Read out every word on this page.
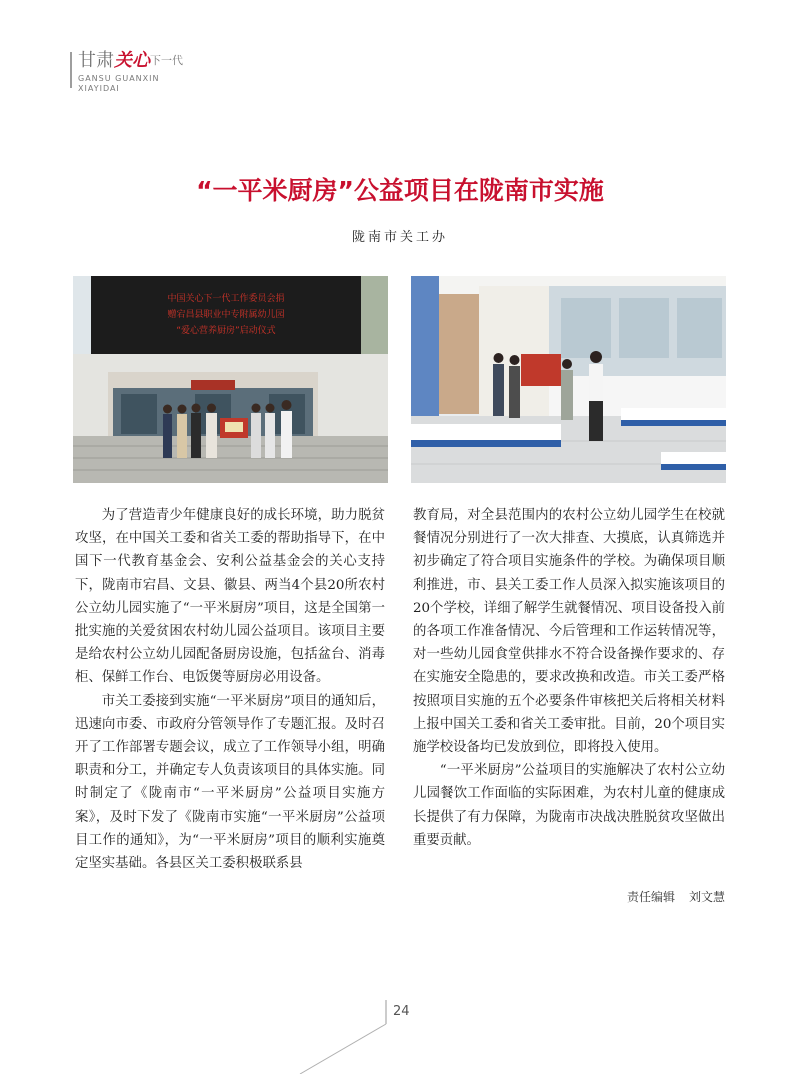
甘肃关心$^{下一代}$
GANSU GUANXIN
XIAYIDAI
“一平米厨房”公益项目在陇南市实施
陇南市关工办
中国关心下一代工作委员会捐
赠宕昌县职业中专附属幼儿园
“爱心营养厨房”启动仪式

为了营造青少年健康良好的成长环境，助力脱贫攻坚，在中国关工委和省关工委的帮助指导下，在中国下一代教育基金会、安利公益基金会的关心支持下，陇南市宕昌、文县、徽县、两当4个县20所农村公立幼儿园实施了“一平米厨房”项目，这是全国第一批实施的关爱贫困农村幼儿园公益项目。该项目主要是给农村公立幼儿园配备厨房设施，包括盆台、消毒柜、保鲜工作台、电饭煲等厨房必用设备。

市关工委接到实施“一平米厨房”项目的通知后，迅速向市委、市政府分管领导作了专题汇报。及时召开了工作部署专题会议，成立了工作领导小组，明确职责和分工，并确定专人负责该项目的具体实施。同时制定了《陇南市“一平米厨房”公益项目实施方案》，及时下发了《陇南市实施“一平米厨房”公益项目工作的通知》，为“一平米厨房”项目的顺利实施奠定坚实基础。各县区关工委积极联系县

教育局，对全县范围内的农村公立幼儿园学生在校就餐情况分别进行了一次大排查、大摸底，认真筛选并初步确定了符合项目实施条件的学校。为确保项目顺利推进，市、县关工委工作人员深入拟实施该项目的20个学校，详细了解学生就餐情况、项目设备投入前的各项工作准备情况、今后管理和工作运转情况等，对一些幼儿园食堂供排水不符合设备操作要求的、存在实施安全隐患的，要求改换和改造。市关工委严格按照项目实施的五个必要条件审核把关后将相关材料上报中国关工委和省关工委审批。目前，20个项目实施学校设备均已发放到位，即将投入使用。

“一平米厨房”公益项目的实施解决了农村公立幼儿园餐饮工作面临的实际困难，为农村儿童的健康成长提供了有力保障，为陇南市决战决胜脱贫攻坚做出重要贡献。

责任编辑 刘文慧
24
